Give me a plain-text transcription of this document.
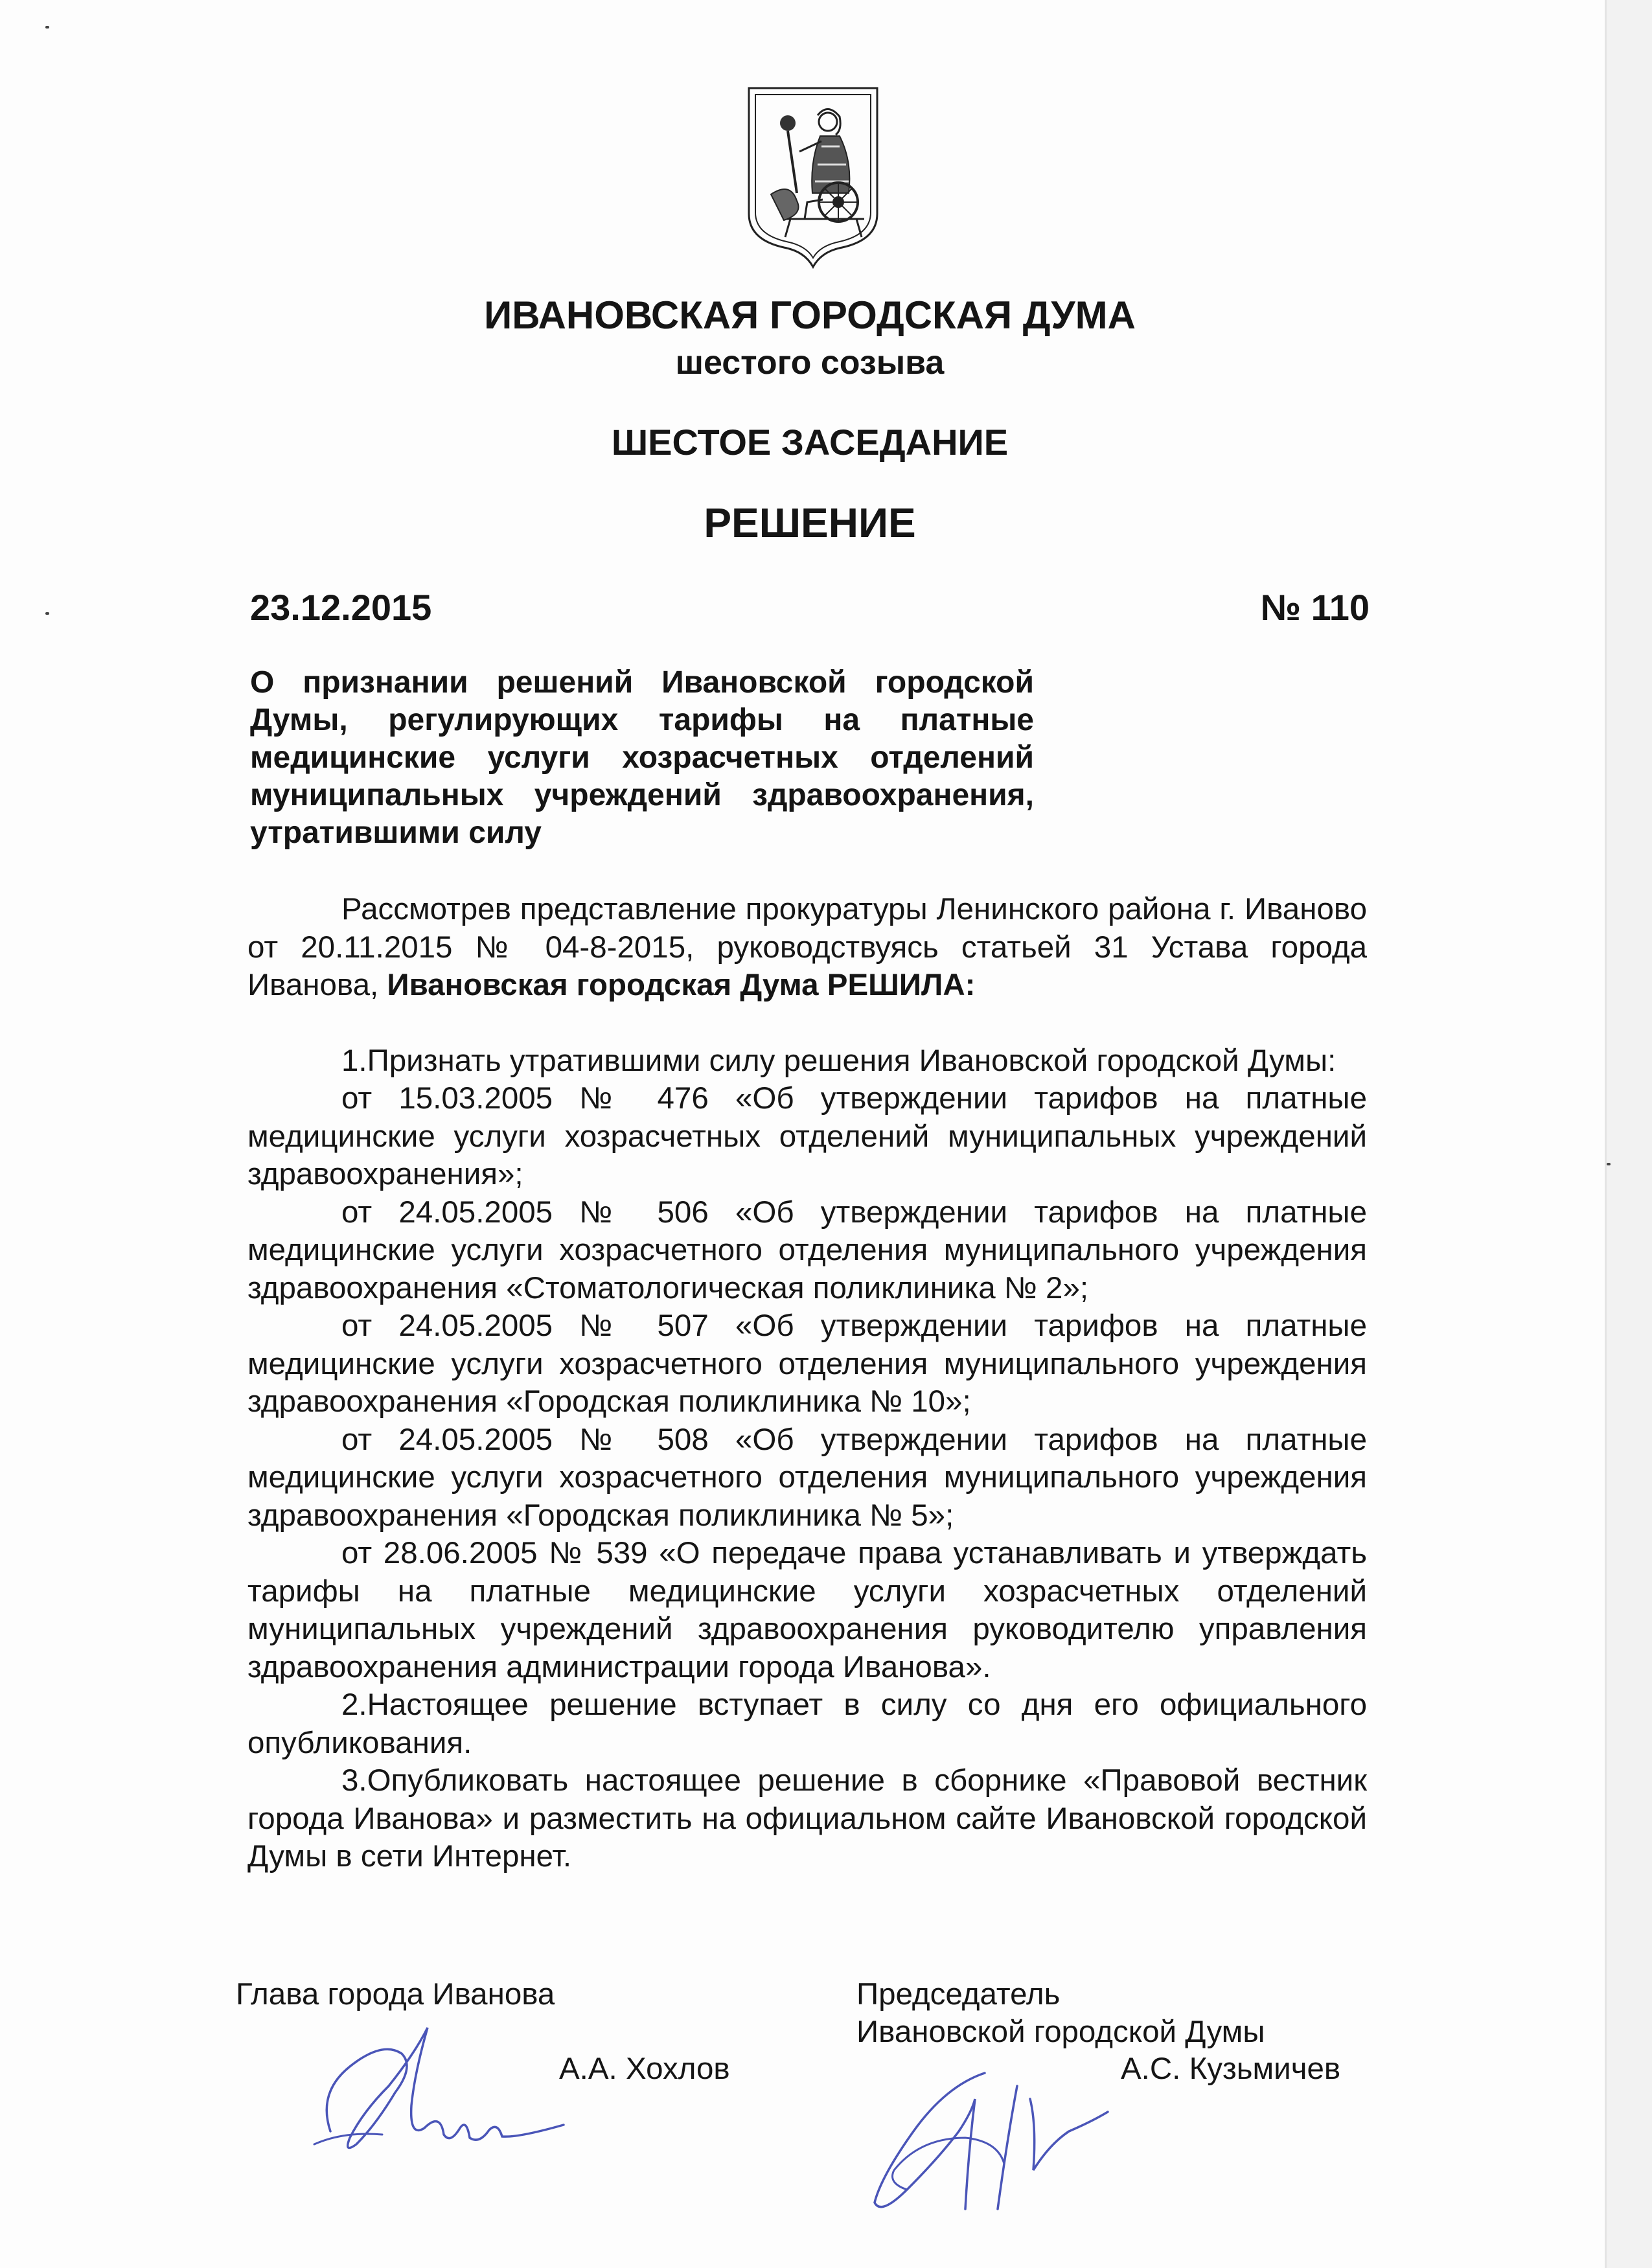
ИВАНОВСКАЯ ГОРОДСКАЯ ДУМА
шестого созыва
ШЕСТОЕ ЗАСЕДАНИЕ
РЕШЕНИЕ
23.12.2015	№ 110
О признании решений Ивановской городской Думы, регулирующих тарифы на платные медицинские услуги хозрасчетных отделений муниципальных учреждений здравоохранения, утратившими силу

Рассмотрев представление прокуратуры Ленинского района г. Иваново от 20.11.2015 № 04-8-2015, руководствуясь статьей 31 Устава города Иванова, Ивановская городская Дума РЕШИЛА:

1.Признать утратившими силу решения Ивановской городской Думы:

от 15.03.2005 № 476 «Об утверждении тарифов на платные медицинские услуги хозрасчетных отделений муниципальных учреждений здравоохранения»;

от 24.05.2005 № 506 «Об утверждении тарифов на платные медицинские услуги хозрасчетного отделения муниципального учреждения здравоохранения «Стоматологическая поликлиника № 2»;

от 24.05.2005 № 507 «Об утверждении тарифов на платные медицинские услуги хозрасчетного отделения муниципального учреждения здравоохранения «Городская поликлиника № 10»;

от 24.05.2005 № 508 «Об утверждении тарифов на платные медицинские услуги хозрасчетного отделения муниципального учреждения здравоохранения «Городская поликлиника № 5»;

от 28.06.2005 № 539 «О передаче права устанавливать и утверждать тарифы на платные медицинские услуги хозрасчетных отделений муниципальных учреждений здравоохранения руководителю управления здравоохранения администрации города Иванова».

2.Настоящее решение вступает в силу со дня его официального опубликования.

3.Опубликовать настоящее решение в сборнике «Правовой вестник города Иванова» и разместить на официальном сайте Ивановской городской Думы в сети Интернет.

Глава города Иванова
А.А. Хохлов
Председатель
Ивановской городской Думы
А.С. Кузьмичев
